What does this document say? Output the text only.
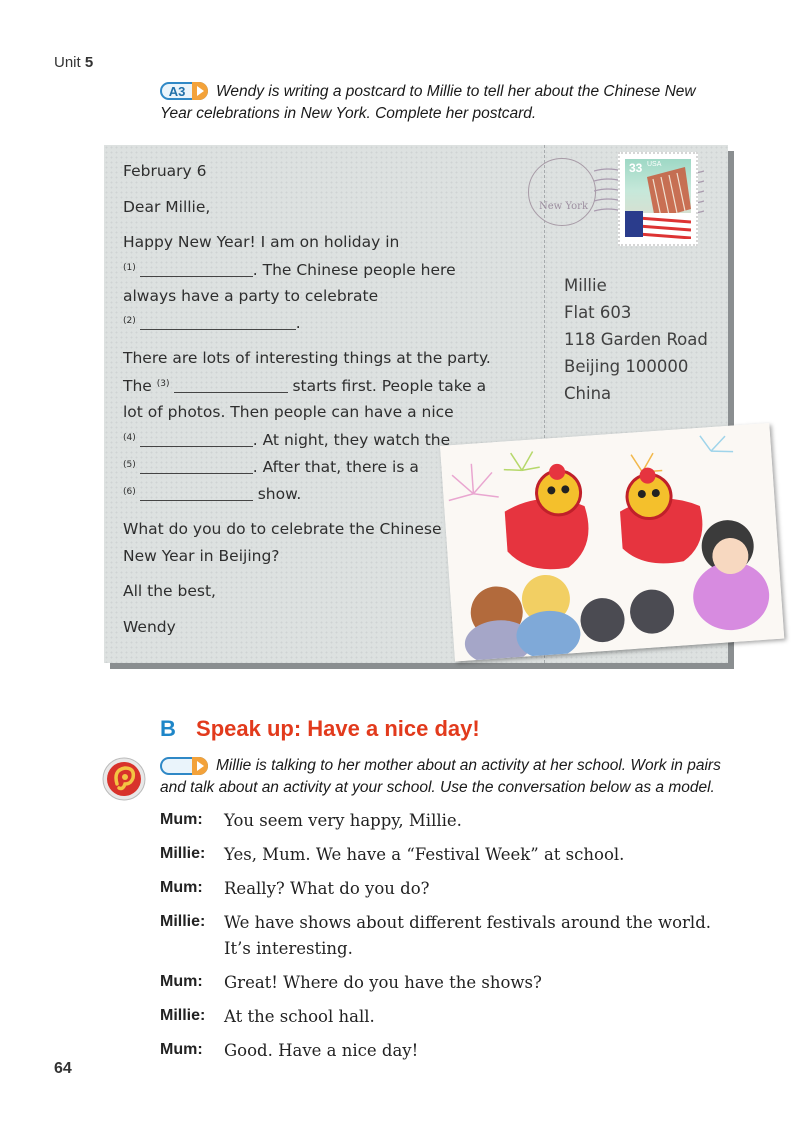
Unit 5
A3	Wendy is writing a postcard to Millie to tell her about the Chinese New Year celebrations in New York. Complete her postcard.
February 6
Dear Millie,
Happy New Year! I am on holiday in
$^{(1)}$	. The Chinese people here
always have a party to celebrate
$^{(2)}$	.
There are lots of interesting things at the party.
The $^{(3)}$	starts first. People take a
lot of photos. Then people can have a nice
$^{(4)}$	. At night, they watch the
$^{(5)}$	. After that, there is a
$^{(6)}$	show.
What do you do to celebrate the Chinese
New Year in Beijing?
All the best,
Wendy
Millie
Flat 603
118 Garden Road
Beijing 100000
China
New York
33 USA
B Speak up: Have a nice day!
Millie is talking to her mother about an activity at her school. Work in pairs and talk about an activity at your school. Use the conversation below as a model.
Mum: You seem very happy, Millie.
Millie: Yes, Mum. We have a “Festival Week” at school.
Mum: Really? What do you do?
Millie: We have shows about different festivals around the world. It’s interesting.
Mum: Great! Where do you have the shows?
Millie: At the school hall.
Mum: Good. Have a nice day!
64
